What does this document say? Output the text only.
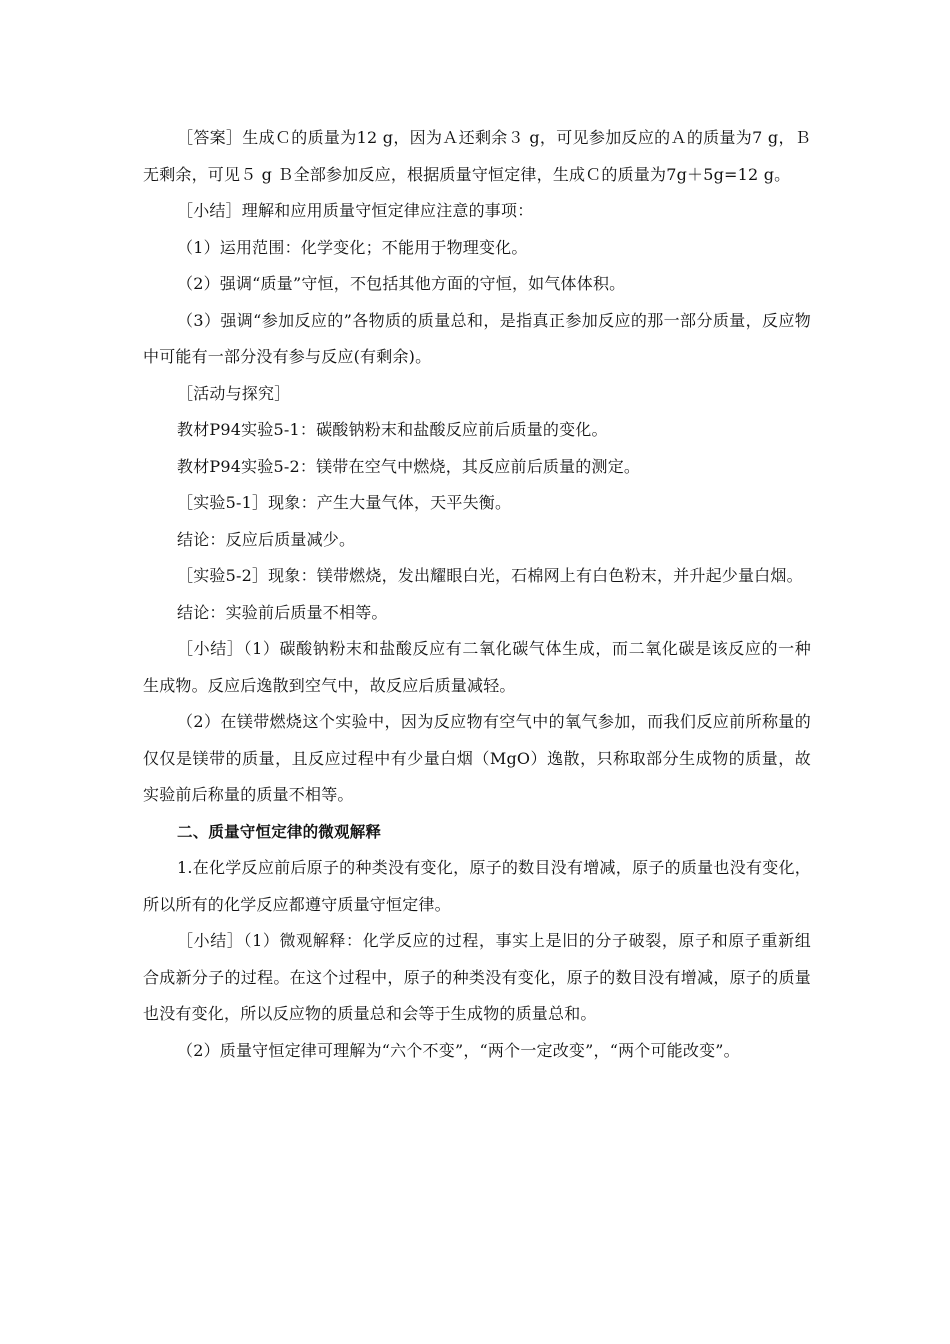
［答案］生成Ｃ的质量为12 g，因为Ａ还剩余３ g，可见参加反应的Ａ的质量为7 g，Ｂ无剩余，可见５ g Ｂ全部参加反应，根据质量守恒定律，生成Ｃ的质量为7g＋5g=12 g。

［小结］理解和应用质量守恒定律应注意的事项：

（1）运用范围：化学变化；不能用于物理变化。

（2）强调“质量”守恒，不包括其他方面的守恒，如气体体积。

（3）强调“参加反应的”各物质的质量总和，是指真正参加反应的那一部分质量，反应物中可能有一部分没有参与反应(有剩余)。

［活动与探究］

教材P94实验5-1：碳酸钠粉末和盐酸反应前后质量的变化。

教材P94实验5-2：镁带在空气中燃烧，其反应前后质量的测定。

［实验5-1］现象：产生大量气体，天平失衡。

结论：反应后质量减少。

［实验5-2］现象：镁带燃烧，发出耀眼白光，石棉网上有白色粉末，并升起少量白烟。

结论：实验前后质量不相等。

［小结］（1）碳酸钠粉末和盐酸反应有二氧化碳气体生成，而二氧化碳是该反应的一种生成物。反应后逸散到空气中，故反应后质量减轻。

（2）在镁带燃烧这个实验中，因为反应物有空气中的氧气参加，而我们反应前所称量的仅仅是镁带的质量，且反应过程中有少量白烟（MgO）逸散，只称取部分生成物的质量，故实验前后称量的质量不相等。

二、质量守恒定律的微观解释

1.在化学反应前后原子的种类没有变化，原子的数目没有增减，原子的质量也没有变化，所以所有的化学反应都遵守质量守恒定律。

［小结］（1）微观解释：化学反应的过程，事实上是旧的分子破裂，原子和原子重新组合成新分子的过程。在这个过程中，原子的种类没有变化，原子的数目没有增减，原子的质量也没有变化，所以反应物的质量总和会等于生成物的质量总和。

（2）质量守恒定律可理解为“六个不变”，“两个一定改变”，“两个可能改变”。
